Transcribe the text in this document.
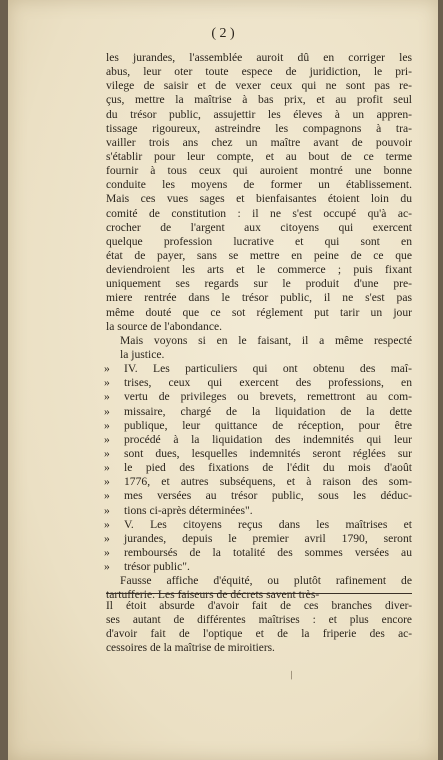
( 2 )
les jurandes, l'assemblée auroit dû en corriger les
abus, leur oter toute espece de juridiction, le pri-
vilege de saisir et de vexer ceux qui ne sont pas re-
çus, mettre la maîtrise à bas prix, et au profit seul
du trésor public, assujettir les éleves à un appren-
tissage rigoureux, astreindre les compagnons à tra-
vailler trois ans chez un maître avant de pouvoir
s'établir pour leur compte, et au bout de ce terme
fournir à tous ceux qui auroient montré une bonne
conduite les moyens de former un établissement.
Mais ces vues sages et bienfaisantes étoient loin du
comité de constitution : il ne s'est occupé qu'à ac-
crocher de l'argent aux citoyens qui exercent
quelque profession lucrative et qui sont en
état de payer, sans se mettre en peine de ce que
deviendroient les arts et le commerce ; puis fixant
uniquement ses regards sur le produit d'une pre-
miere rentrée dans le trésor public, il ne s'est pas
même douté que ce sot réglement put tarir un jour
la source de l'abondance.
Mais voyons si en le faisant, il a même respecté
la justice.
» IV. Les particuliers qui ont obtenu des maî-
» trises, ceux qui exercent des professions, en
» vertu de privileges ou brevets, remettront au com-
» missaire, chargé de la liquidation de la dette
» publique, leur quittance de réception, pour être
» procédé à la liquidation des indemnités qui leur
» sont dues, lesquelles indemnités seront réglées sur
» le pied des fixations de l'édit du mois d'août
» 1776, et autres subséquens, et à raison des som-
» mes versées au trésor public, sous les déduc-
» tions ci-après déterminées".
» V. Les citoyens reçus dans les maîtrises et
» jurandes, depuis le premier avril 1790, seront
» remboursés de la totalité des sommes versées au
» trésor public".
Fausse affiche d'équité, ou plutôt rafinement de
tartufferie. Les faiseurs de décrets savent très-
Il étoit absurde d'avoir fait de ces branches diver-
ses autant de différentes maîtrises : et plus encore
d'avoir fait de l'optique et de la friperie des ac-
cessoires de la maîtrise de miroitiers.
/
